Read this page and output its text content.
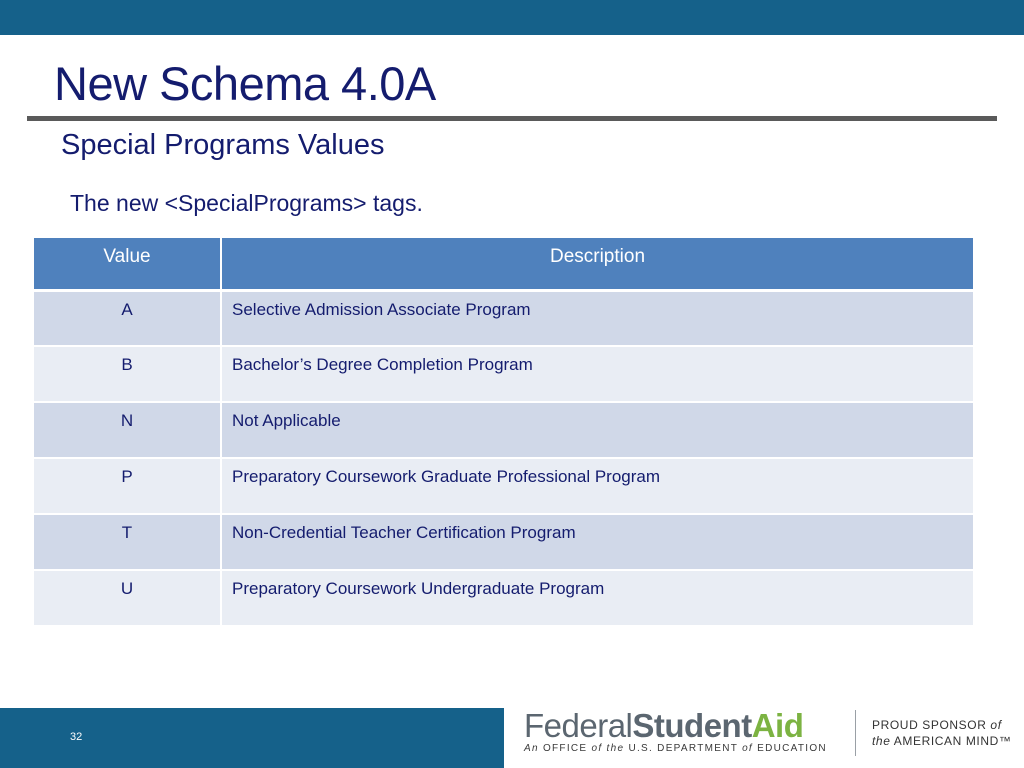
New Schema 4.0A
Special Programs Values

The new <SpecialPrograms> tags.

Value	Description
A	Selective Admission Associate Program
B	Bachelor’s Degree Completion Program
N	Not Applicable
P	Preparatory Coursework Graduate Professional Program
T	Non-Credential Teacher Certification Program
U	Preparatory Coursework Undergraduate Program
32	FederalStudentAid
An OFFICE of the U.S. DEPARTMENT of EDUCATION
PROUD SPONSOR of
the AMERICAN MIND™
